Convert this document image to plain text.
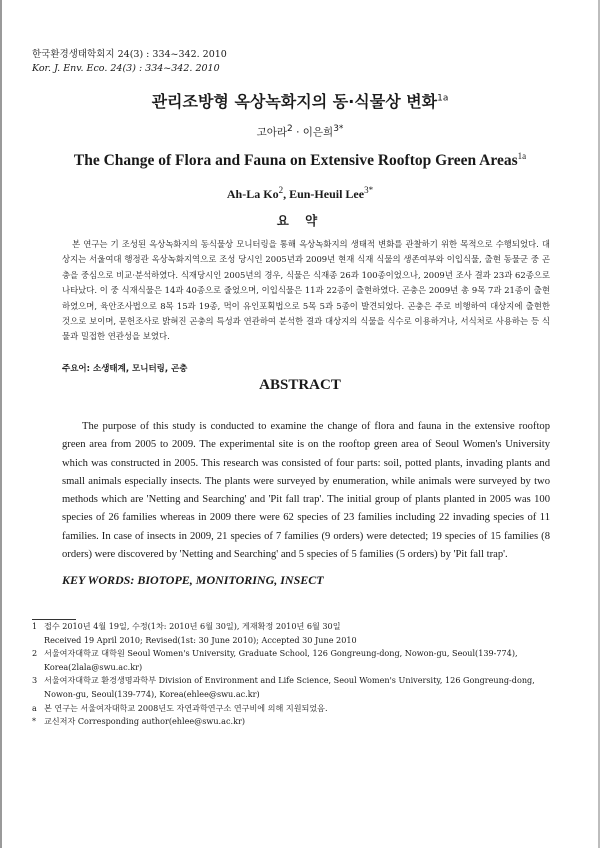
한국환경생태학회지 24(3) : 334~342. 2010
Kor. J. Env. Eco. 24(3) : 334~342. 2010
관리조방형 옥상녹화지의 동·식물상 변화$^{1a}$
고아라2 · 이은희3*
The Change of Flora and Fauna on Extensive Rooftop Green Areas$^{1a}$
Ah-La Ko$^2$, Eun-Heuil Lee$^{3*}$
요 약

본 연구는 기 조성된 옥상녹화지의 동식물상 모니터링을 통해 옥상녹화지의 생태적 변화를 관찰하기 위한 목적으로 수행되었다. 대상지는 서울여대 행정관 옥상녹화지역으로 조성 당시인 2005년과 2009년 현재 식재 식물의 생존여부와 이입식물, 출현 동물군 중 곤충을 중심으로 비교·분석하였다. 식재당시인 2005년의 경우, 식물은 식재종 26과 100종이었으나, 2009년 조사 결과 23과 62종으로 나타났다. 이 중 식재식물은 14과 40종으로 줄었으며, 이입식물은 11과 22종이 출현하였다. 곤충은 2009년 총 9목 7과 21종이 출현하였으며, 육안조사법으로 8목 15과 19종, 먹이 유인포획법으로 5목 5과 5종이 발견되었다. 곤충은 주로 비행하여 대상지에 출현한 것으로 보이며, 문헌조사로 밝혀진 곤충의 특성과 연관하여 분석한 결과 대상지의 식물을 식수로 이용하거나, 서식처로 사용하는 등 식물과 밀접한 연관성을 보였다.

주요어: 소생태계, 모니터링, 곤충
ABSTRACT

The purpose of this study is conducted to examine the change of flora and fauna in the extensive rooftop green area from 2005 to 2009. The experimental site is on the rooftop green area of Seoul Women's University which was constructed in 2005. This research was consisted of four parts: soil, potted plants, invading plants and small animals especially insects. The plants were surveyed by enumeration, while animals were surveyed by two methods which are 'Netting and Searching' and 'Pit fall trap'. The initial group of plants planted in 2005 was 100 species of 26 families whereas in 2009 there were 62 species of 23 families including 22 invading species of 11 families. In case of insects in 2009, 21 species of 7 families (9 orders) were detected; 19 species of 15 families (8 orders) were discovered by 'Netting and Searching' and 5 species of 5 families (5 orders) by 'Pit fall trap'.

KEY WORDS: BIOTOPE, MONITORING, INSECT
1 접수 2010년 4월 19일, 수정(1차: 2010년 6월 30일), 게재확정 2010년 6월 30일
Received 19 April 2010; Revised(1st: 30 June 2010); Accepted 30 June 2010
2 서울여자대학교 대학원 Seoul Women's University, Graduate School, 126 Gongreung-dong, Nowon-gu, Seoul(139-774),
Korea(2lala@swu.ac.kr)
3 서울여자대학교 환경생명과학부 Division of Environment and Life Science, Seoul Women's University, 126 Gongreung-dong,
Nowon-gu, Seoul(139-774), Korea(ehlee@swu.ac.kr)
a 본 연구는 서울여자대학교 2008년도 자연과학연구소 연구비에 의해 지원되었음.
* 교신저자 Corresponding author(ehlee@swu.ac.kr)
